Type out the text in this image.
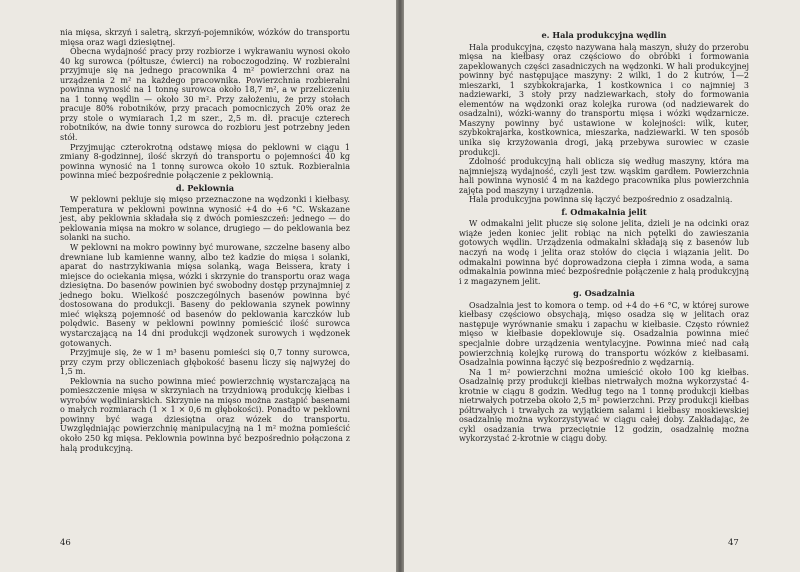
nia mięsa, skrzyń i saletrą, skrzyń-pojemników, wózków do transportu mięsa oraz wagi dziesiętnej.

Obecna wydajność pracy przy rozbiorze i wykrawaniu wynosi około 40 kg surowca (półtusze, ćwierci) na roboczogodzinę. W rozbieralni przyjmuje się na jednego pracownika 4 m² powierzchni oraz na urządzenia 2 m² na każdego pracownika. Powierzchnia rozbieralni powinna wynosić na 1 tonnę surowca około 18,7 m², a w przeliczeniu na 1 tonnę wędlin — około 30 m². Przy założeniu, że przy stołach pracuje 80% robotników, przy pracach pomocniczych 20% oraz że przy stole o wymiarach 1,2 m szer., 2,5 m. dł. pracuje czterech robotników, na dwie tonny surowca do rozbioru jest potrzebny jeden stół.

Przyjmując czterokrotną odstawę mięsa do peklowni w ciągu 1 zmiany 8-godzinnej, ilość skrzyń do transportu o pojemności 40 kg powinna wynosić na 1 tonnę surowca około 10 sztuk. Rozbieralnia powinna mieć bezpośrednie połączenie z peklownią.

d. Peklownia

W peklowni pekluje się mięso przeznaczone na wędzonki i kiełbasy. Temperatura w peklowni powinna wynosić +4 do +6 °C. Wskazane jest, aby peklownia składała się z dwóch pomieszczeń: jednego — do peklowania mięsa na mokro w solance, drugiego — do peklowania bez solanki na sucho.

W peklowni na mokro powinny być murowane, szczelne baseny albo drewniane lub kamienne wanny, albo też kadzie do mięsa i solanki, aparat do nastrzykiwania mięsa solanką, waga Beissera, kraty i miejsce do ociekania mięsa, wózki i skrzynie do transportu oraz waga dziesiętna. Do basenów powinien być swobodny dostęp przynajmniej z jednego boku. Wielkość poszczególnych basenów powinna być dostosowana do produkcji. Baseny do peklowania szynek powinny mieć większą pojemność od basenów do peklowania karczków lub polędwic. Baseny w peklowni powinny pomieścić ilość surowca wystarczającą na 14 dni produkcji wędzonek surowych i wędzonek gotowanych.

Przyjmuje się, że w 1 m³ basenu pomieści się 0,7 tonny surowca, przy czym przy obliczeniach głębokość basenu liczy się najwyżej do 1,5 m.

Peklownia na sucho powinna mieć powierzchnię wystarczającą na pomieszczenie mięsa w skrzyniach na trzydniową produkcję kiełbas i wyrobów wędliniarskich. Skrzynie na mięso można zastąpić basenami o małych rozmiarach (1 × 1 × 0,6 m głębokości). Ponadto w peklowni powinny być waga dziesiętna oraz wózek do transportu. Uwzględniając powierzchnię manipulacyjną na 1 m² można pomieścić około 250 kg mięsa. Peklownia powinna być bezpośrednio połączona z halą produkcyjną.

46
e. Hala produkcyjna wędlin

Hala produkcyjna, często nazywana halą maszyn, służy do przerobu mięsa na kiełbasy oraz częściowo do obróbki i formowania zapeklowanych części zasadniczych na wędzonki. W hali produkcyjnej powinny być następujące maszyny: 2 wilki, 1 do 2 kutrów, 1—2 mieszarki, 1 szybkokrajarka, 1 kostkownica i co najmniej 3 nadziewarki, 3 stoły przy nadziewarkach, stoły do formowania elementów na wędzonki oraz kolejka rurowa (od nadziewarek do osadzalni), wózki-wanny do transportu mięsa i wózki wędzarnicze. Maszyny powinny być ustawione w kolejności: wilk, kuter, szybkokrajarka, kostkownica, mieszarka, nadziewarki. W ten sposób unika się krzyżowania drogi, jaką przebywa surowiec w czasie produkcji.

Zdolność produkcyjną hali oblicza się według maszyny, która ma najmniejszą wydajność, czyli jest tzw. wąskim gardłem. Powierzchnia hali powinna wynosić 4 m na każdego pracownika plus powierzchnia zajęta pod maszyny i urządzenia.

Hala produkcyjna powinna się łączyć bezpośrednio z osadzalnią.

f. Odmakalnia jelit

W odmakalni jelit płucze się solone jelita, dzieli je na odcinki oraz wiąże jeden koniec jelit robiąc na nich pętelki do zawieszania gotowych wędlin. Urządzenia odmakalni składają się z basenów lub naczyń na wodę i jelita oraz stołów do cięcia i wiązania jelit. Do odmakalni powinna być doprowadzona ciepła i zimna woda, a sama odmakalnia powinna mieć bezpośrednie połączenie z halą produkcyjną i z magazynem jelit.

g. Osadzalnia

Osadzalnia jest to komora o temp. od +4 do +6 °C, w której surowe kiełbasy częściowo obsychają, mięso osadza się w jelitach oraz następuje wyrównanie smaku i zapachu w kiełbasie. Często również mięso w kiełbasie dopeklowuje się. Osadzalnia powinna mieć specjalnie dobre urządzenia wentylacyjne. Powinna mieć nad całą powierzchnią kolejkę rurową do transportu wózków z kiełbasami. Osadzalnia powinna łączyć się bezpośrednio z wędzarnią.

Na 1 m² powierzchni można umieścić około 100 kg kiełbas. Osadzalnię przy produkcji kiełbas nietrwałych można wykorzystać 4-krotnie w ciągu 8 godzin. Według tego na 1 tonnę produkcji kiełbas nietrwałych potrzeba około 2,5 m² powierzchni. Przy produkcji kiełbas półtrwałych i trwałych za wyjątkiem salami i kiełbasy moskiewskiej osadzalnię można wykorzystywać w ciągu całej doby. Zakładając, że cykl osadzania trwa przeciętnie 12 godzin, osadzalnię można wykorzystać 2-krotnie w ciągu doby.

47
